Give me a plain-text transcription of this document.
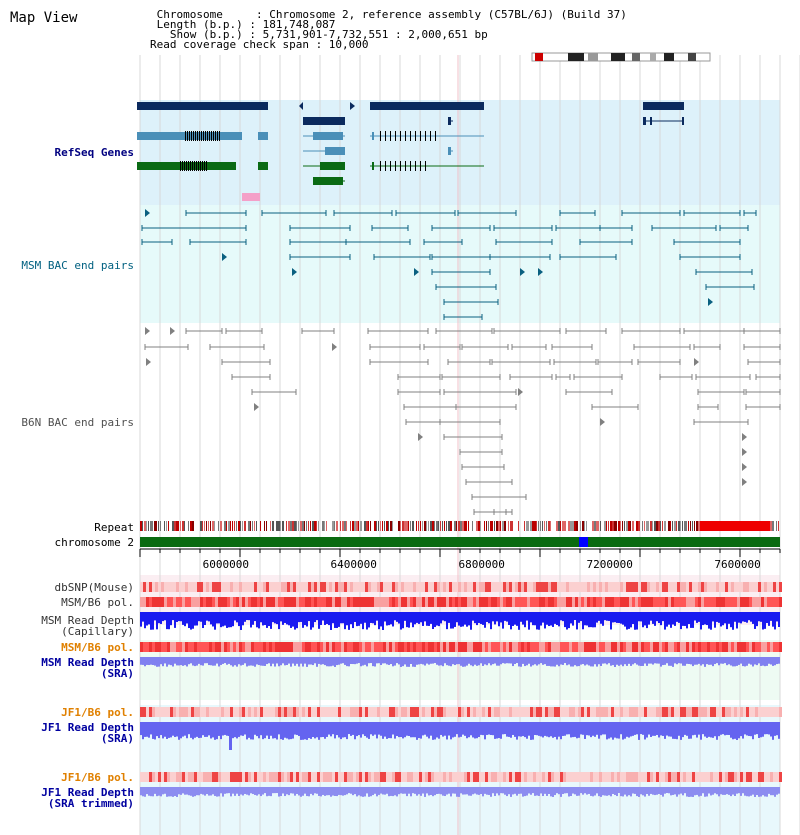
Map View	Chromosome     : Chromosome 2, reference assembly (C57BL/6J) (Build 37)
Length (b.p.) : 181,748,087
Show (b.p.) : 5,731,901-7,732,551 : 2,000,651 bp
Read coverage check span : 10,000
6000000	6400000	6800000	7200000	7600000
RefSeq Genes
MSM BAC end pairs
B6N BAC end pairs
Repeat
chromosome 2
dbSNP(Mouse)
MSM/B6 pol.
MSM Read Depth
(Capillary)
MSM/B6 pol.
MSM Read Depth
(SRA)
JF1/B6 pol.
JF1 Read Depth
(SRA)
JF1/B6 pol.
JF1 Read Depth
(SRA trimmed)
